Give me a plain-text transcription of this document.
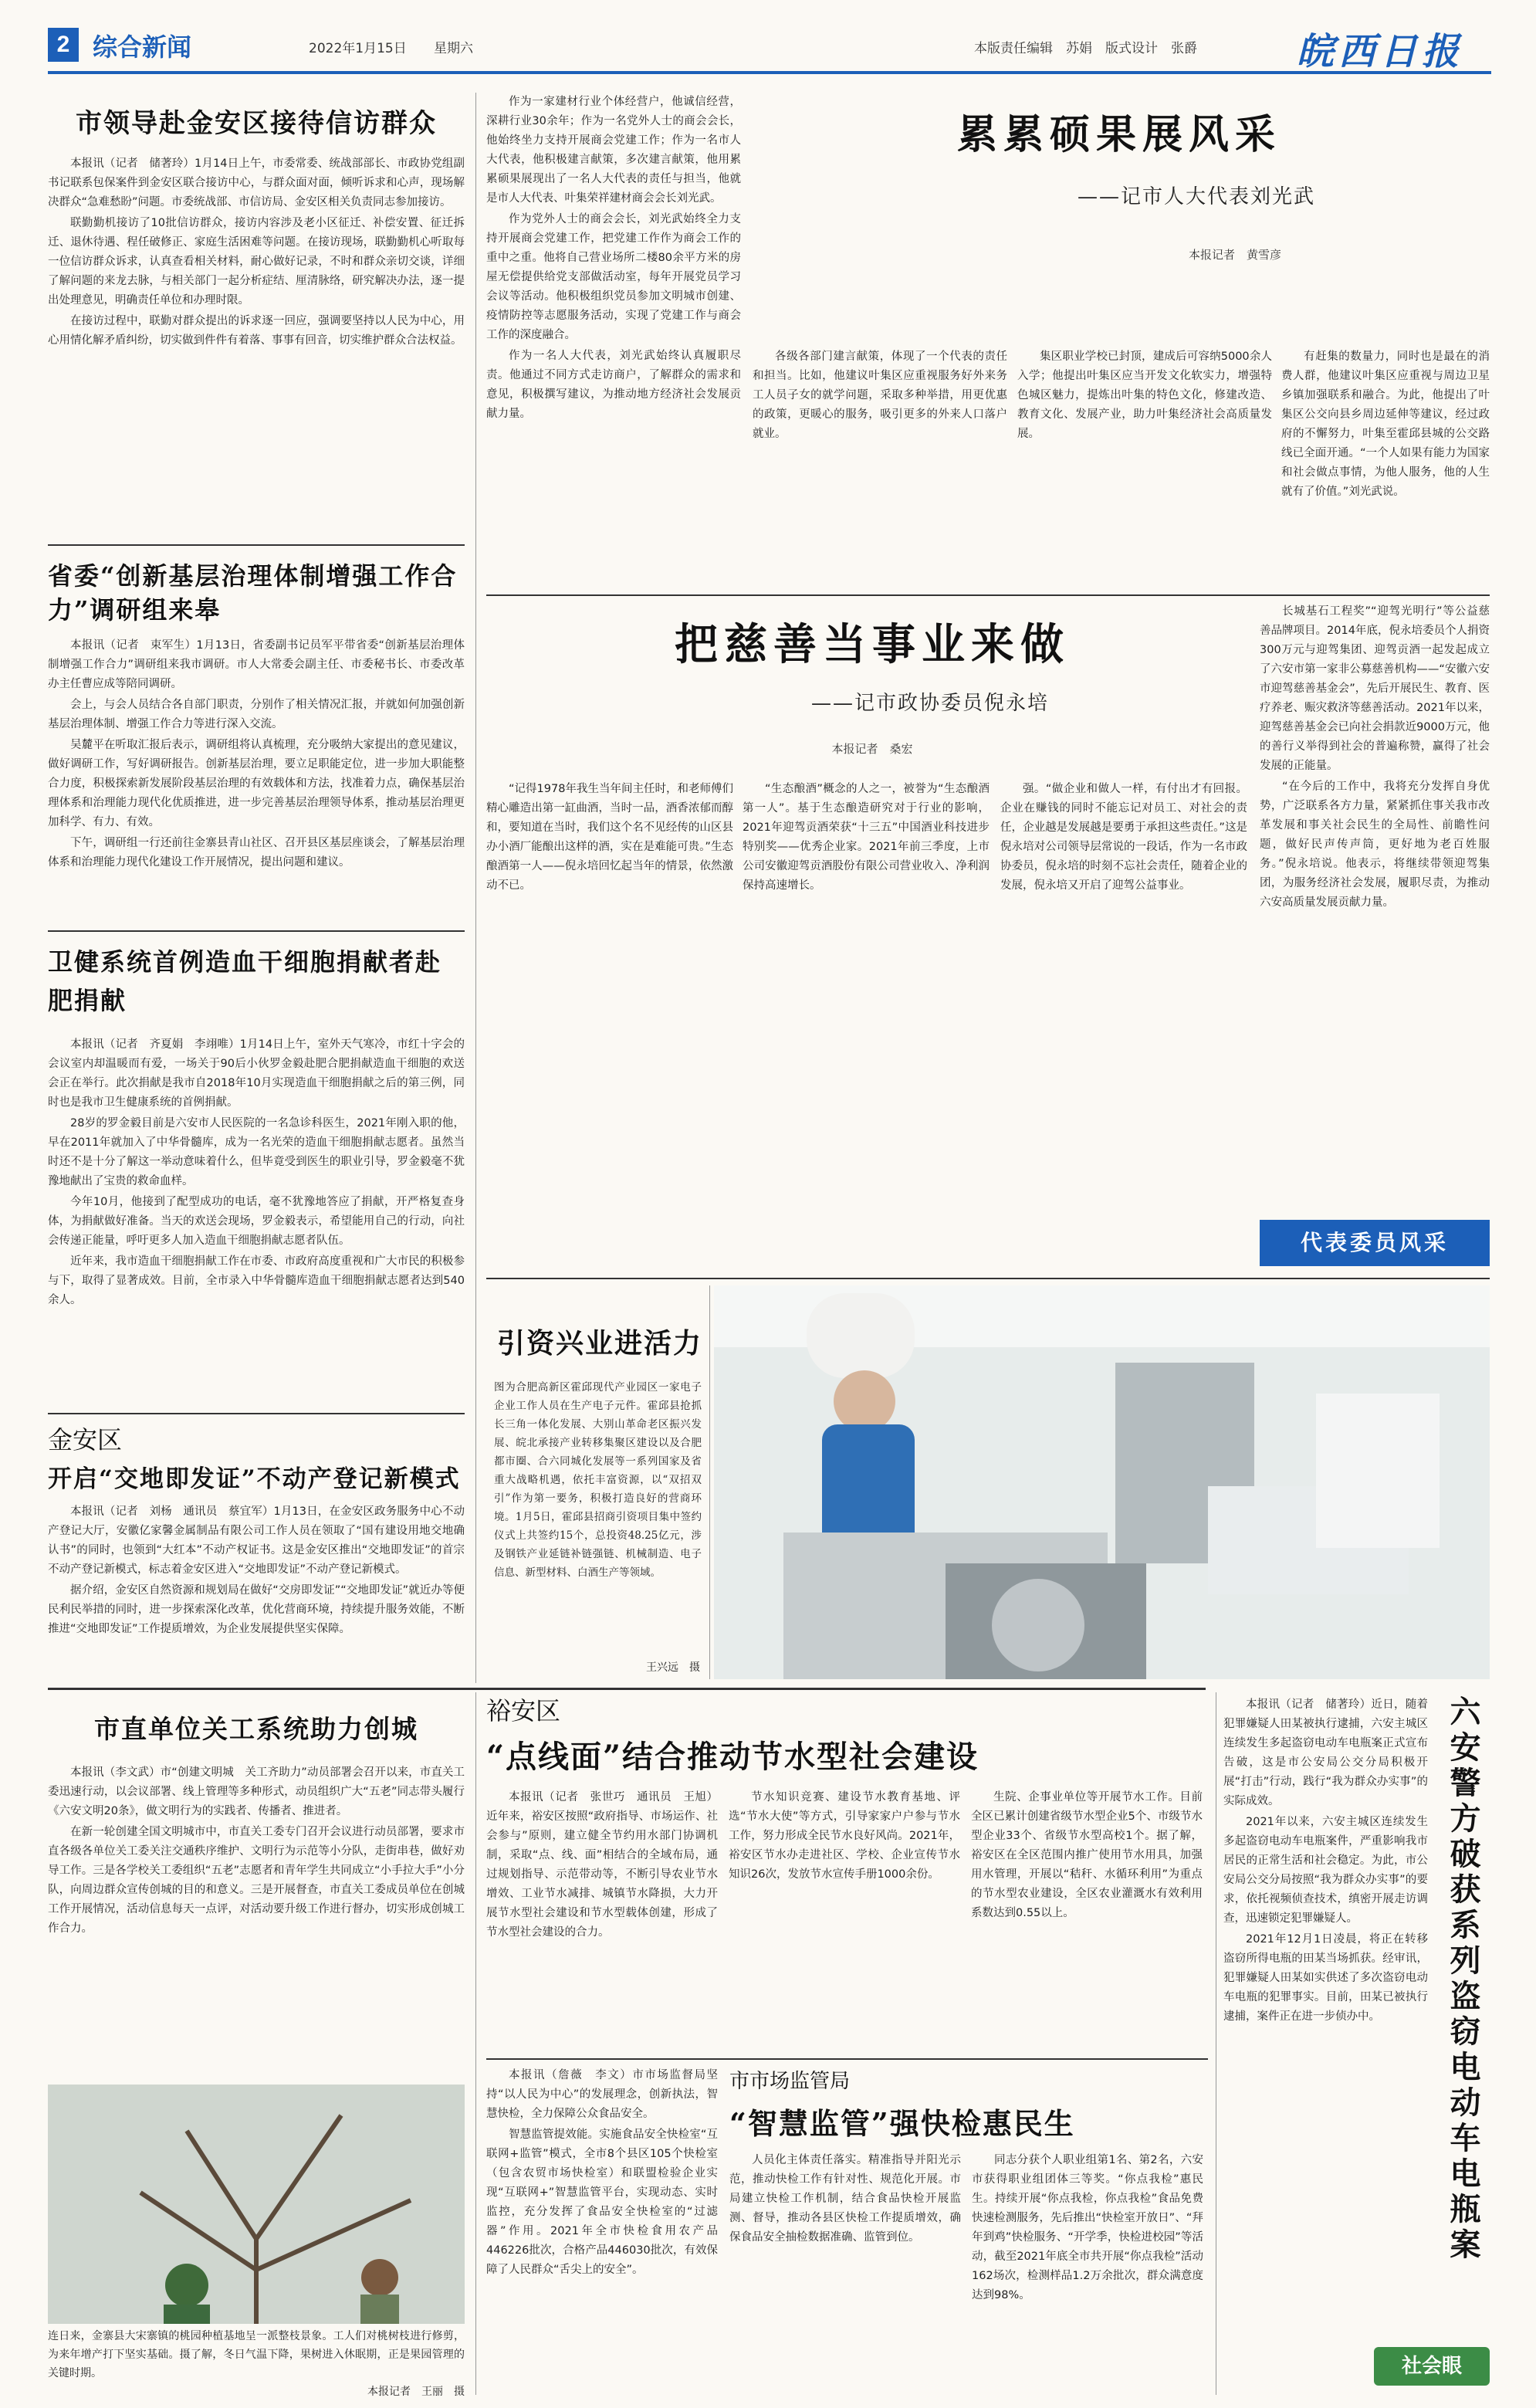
2 综合新闻	2022年1月15日 星期六	本版责任编辑　苏娟　版式设计　张爵	皖西日报
市领导赴金安区接待信访群众

本报讯（记者　储著玲）1月14日上午，市委常委、统战部部长、市政协党组副书记联系包保案件到金安区联合接访中心，与群众面对面，倾听诉求和心声，现场解决群众“急难愁盼”问题。市委统战部、市信访局、金安区相关负责同志参加接访。

联勤勤机接访了10批信访群众，接访内容涉及老小区征迁、补偿安置、征迁拆迁、退休待遇、程任破修正、家庭生活困难等问题。在接访现场，联勤勤机心听取每一位信访群众诉求，认真查看相关材料，耐心做好记录，不时和群众亲切交谈，详细了解问题的来龙去脉，与相关部门一起分析症结、厘清脉络，研究解决办法，逐一提出处理意见，明确责任单位和办理时限。

在接访过程中，联勤对群众提出的诉求逐一回应，强调要坚持以人民为中心，用心用情化解矛盾纠纷，切实做到件件有着落、事事有回音，切实维护群众合法权益。

省委“创新基层治理体制增强工作合力”调研组来皋

本报讯（记者　束军生）1月13日，省委副书记员军平带省委“创新基层治理体制增强工作合力”调研组来我市调研。市人大常委会副主任、市委秘书长、市委改革办主任曹应成等陪同调研。

会上，与会人员结合各自部门职责，分别作了相关情况汇报，并就如何加强创新基层治理体制、增强工作合力等进行深入交流。

吴麓平在听取汇报后表示，调研组将认真梳理，充分吸纳大家提出的意见建议，做好调研工作，写好调研报告。创新基层治理，要立足职能定位，进一步加大职能整合力度，积极探索新发展阶段基层治理的有效载体和方法，找准着力点，确保基层治理体系和治理能力现代化优质推进，进一步完善基层治理领导体系，推动基层治理更加科学、有力、有效。

下午，调研组一行还前往金寨县青山社区、召开县区基层座谈会，了解基层治理体系和治理能力现代化建设工作开展情况，提出问题和建议。

卫健系统首例造血干细胞捐献者赴肥捐献

本报讯（记者　齐夏娟　李翊唯）1月14日上午，室外天气寒冷，市红十字会的会议室内却温暖而有爱，一场关于90后小伙罗金毅赴肥合肥捐献造血干细胞的欢送会正在举行。此次捐献是我市自2018年10月实现造血干细胞捐献之后的第三例，同时也是我市卫生健康系统的首例捐献。

28岁的罗金毅目前是六安市人民医院的一名急诊科医生，2021年刚入职的他，早在2011年就加入了中华骨髓库，成为一名光荣的造血干细胞捐献志愿者。虽然当时还不是十分了解这一举动意味着什么，但毕竟受到医生的职业引导，罗金毅毫不犹豫地献出了宝贵的救命血样。

今年10月，他接到了配型成功的电话，毫不犹豫地答应了捐献，开严格复查身体，为捐献做好准备。当天的欢送会现场，罗金毅表示，希望能用自己的行动，向社会传递正能量，呼吁更多人加入造血干细胞捐献志愿者队伍。

近年来，我市造血干细胞捐献工作在市委、市政府高度重视和广大市民的积极参与下，取得了显著成效。目前，全市录入中华骨髓库造血干细胞捐献志愿者达到540余人。

金安区
开启“交地即发证”不动产登记新模式

本报讯（记者　刘杨　通讯员　蔡宜军）1月13日，在金安区政务服务中心不动产登记大厅，安徽亿家馨金属制品有限公司工作人员在领取了“国有建设用地交地确认书”的同时，也领到“大红本”不动产权证书。这是金安区推出“交地即发证”的首宗不动产登记新模式，标志着金安区进入“交地即发证”不动产登记新模式。

据介绍，金安区自然资源和规划局在做好“交房即发证”“交地即发证”就近办等便民利民举措的同时，进一步探索深化改革，优化营商环境，持续提升服务效能，不断推进“交地即发证”工作提质增效，为企业发展提供坚实保障。

市直单位关工系统助力创城

本报讯（李文武）市“创建文明城　关工齐助力”动员部署会召开以来，市直关工委迅速行动，以会议部署、线上管理等多种形式，动员组织广大“五老”同志带头履行《六安文明20条》，做文明行为的实践者、传播者、推进者。

在新一轮创建全国文明城市中，市直关工委专门召开会议进行动员部署，要求市直各级各单位关工委关注交通秩序维护、文明行为示范等小分队，走街串巷，做好劝导工作。三是各学校关工委组织“五老”志愿者和青年学生共同成立“小手拉大手”小分队，向周边群众宣传创城的目的和意义。三是开展督查，市直关工委成员单位在创城工作开展情况，活动信息每天一点评，对活动要升级工作进行督办，切实形成创城工作合力。

连日来，金寨县大宋寨镇的桃园种植基地呈一派整枝景象。工人们对桃树枝进行修剪，为来年增产打下坚实基础。摄了解，冬日气温下降，果树进入休眠期，正是果园管理的关键时期。
本报记者　王丽　摄

作为一家建材行业个体经营户，他诚信经营，深耕行业30余年；作为一名党外人士的商会会长，他始终坐力支持开展商会党建工作；作为一名市人大代表，他积极建言献策，多次建言献策，他用累累硕果展现出了一名人大代表的责任与担当，他就是市人大代表、叶集荣祥建材商会会长刘光武。

作为党外人士的商会会长，刘光武始终全力支持开展商会党建工作，把党建工作作为商会工作的重中之重。他将自己营业场所二楼80余平方米的房屋无偿提供给党支部做活动室，每年开展党员学习会议等活动。他积极组织党员参加文明城市创建、疫情防控等志愿服务活动，实现了党建工作与商会工作的深度融合。

作为一名人大代表，刘光武始终认真履职尽责。他通过不同方式走访商户，了解群众的需求和意见，积极撰写建议，为推动地方经济社会发展贡献力量。

累累硕果展风采
——记市人大代表刘光武
本报记者　黄雪彦

各级各部门建言献策，体现了一个代表的责任和担当。比如，他建议叶集区应重视服务好外来务工人员子女的就学问题，采取多种举措，用更优惠的政策，更暖心的服务，吸引更多的外来人口落户就业。

集区职业学校已封顶，建成后可容纳5000余人入学；他提出叶集区应当开发文化软实力，增强特色城区魅力，提炼出叶集的特色文化，修建改造、教育文化、发展产业，助力叶集经济社会高质量发展。

有赶集的数量力，同时也是最在的消费人群，他建议叶集区应重视与周边卫星乡镇加强联系和融合。为此，他提出了叶集区公交向县乡周边延伸等建议，经过政府的不懈努力，叶集至霍邱县城的公交路线已全面开通。“一个人如果有能力为国家和社会做点事情，为他人服务，他的人生就有了价值。”刘光武说。

把慈善当事业来做
——记市政协委员倪永培
本报记者　桑宏

“记得1978年我生当年间主任时，和老师傅们精心雕造出第一缸曲酒，当时一品，酒香浓郁而醇和，要知道在当时，我们这个名不见经传的山区县办小酒厂能酿出这样的酒，实在是难能可贵。”生态酿酒第一人——倪永培回忆起当年的情景，依然激动不已。

“生态酿酒”概念的人之一，被誉为“生态酿酒第一人”。基于生态酿造研究对于行业的影响，2021年迎驾贡酒荣获“十三五”中国酒业科技进步特别奖——优秀企业家。2021年前三季度，上市公司安徽迎驾贡酒股份有限公司营业收入、净利润保持高速增长。

强。“做企业和做人一样，有付出才有回报。企业在赚钱的同时不能忘记对员工、对社会的责任，企业越是发展越是要勇于承担这些责任。”这是倪永培对公司领导层常说的一段话，作为一名市政协委员，倪永培的时刻不忘社会责任，随着企业的发展，倪永培又开启了迎驾公益事业。

长城基石工程奖”“迎驾光明行”等公益慈善品牌项目。2014年底，倪永培委员个人捐资300万元与迎驾集团、迎驾贡酒一起发起成立了六安市第一家非公募慈善机构——“安徽六安市迎驾慈善基金会”，先后开展民生、教育、医疗养老、赈灾救济等慈善活动。2021年以来，迎驾慈善基金会已向社会捐款近9000万元，他的善行义举得到社会的普遍称赞，赢得了社会发展的正能量。

“在今后的工作中，我将充分发挥自身优势，广泛联系各方力量，紧紧抓住事关我市改革发展和事关社会民生的全局性、前瞻性问题，做好民声传声筒，更好地为老百姓服务。”倪永培说。他表示，将继续带领迎驾集团，为服务经济社会发展，履职尽责，为推动六安高质量发展贡献力量。

代表委员风采
引资兴业进活力
图为合肥高新区霍邱现代产业园区一家电子企业工作人员在生产电子元件。霍邱县抢抓长三角一体化发展、大别山革命老区振兴发展、皖北承接产业转移集聚区建设以及合肥都市圈、合六同城化发展等一系列国家及省重大战略机遇，依托丰富资源，以“双招双引”作为第一要务，积极打造良好的营商环境。1月5日，霍邱县招商引资项目集中签约仪式上共签约15个，总投资48.25亿元，涉及钢铁产业延链补链强链、机械制造、电子信息、新型材料、白酒生产等领域。
王兴远　摄
裕安区
“点线面”结合推动节水型社会建设

本报讯（记者　张世巧　通讯员　王旭）近年来，裕安区按照“政府指导、市场运作、社会参与”原则，建立健全节约用水部门协调机制，采取“点、线、面”相结合的全域布局，通过规划指导、示范带动等，不断引导农业节水增效、工业节水减排、城镇节水降损，大力开展节水型社会建设和节水型载体创建，形成了节水型社会建设的合力。

节水知识竞赛、建设节水教育基地、评选“节水大使”等方式，引导家家户户参与节水工作，努力形成全民节水良好风尚。2021年，裕安区节水办走进社区、学校、企业宣传节水知识26次，发放节水宣传手册1000余份。

生院、企事业单位等开展节水工作。目前全区已累计创建省级节水型企业5个、市级节水型企业33个、省级节水型高校1个。据了解，裕安区在全区范围内推广使用节水用具，加强用水管理，开展以“秸秆、水循环利用”为重点的节水型农业建设，全区农业灌溉水有效利用系数达到0.55以上。

本报讯（詹薇　李文）市市场监督局坚持“以人民为中心”的发展理念，创新执法，智慧快检，全力保障公众食品安全。

智慧监管提效能。实施食品安全快检室“互联网+监管”模式，全市8个县区105个快检室（包含农贸市场快检室）和联盟检验企业实现“互联网+”智慧监管平台，实现动态、实时监控，充分发挥了食品安全快检室的“过滤器”作用。2021年全市快检食用农产品446226批次，合格产品446030批次，有效保障了人民群众“舌尖上的安全”。

市市场监管局
“智慧监管”强快检惠民生

人员化主体责任落实。精准指导并阳光示范，推动快检工作有针对性、规范化开展。市局建立快检工作机制，结合食品快检开展监测、督导，推动各县区快检工作提质增效，确保食品安全抽检数据准确、监管到位。

同志分获个人职业组第1名、第2名，六安市获得职业组团体三等奖。“你点我检”惠民生。持续开展“你点我检，你点我检”食品免费快速检测服务，先后推出“快检室开放日”、“拜年到鸡”快检服务、“开学季，快检进校园”等活动，截至2021年底全市共开展“你点我检”活动162场次，检测样品1.2万余批次，群众满意度达到98%。

本报讯（记者　储著玲）近日，随着犯罪嫌疑人田某被执行逮捕，六安主城区连续发生多起盗窃电动车电瓶案正式宣布告破，这是市公安局公交分局积极开展“打击”行动，践行“我为群众办实事”的实际成效。

2021年以来，六安主城区连续发生多起盗窃电动车电瓶案件，严重影响我市居民的正常生活和社会稳定。为此，市公安局公交分局按照“我为群众办实事”的要求，依托视频侦查技术，缜密开展走访调查，迅速锁定犯罪嫌疑人。

2021年12月1日凌晨，将正在转移盗窃所得电瓶的田某当场抓获。经审讯，犯罪嫌疑人田某如实供述了多次盗窃电动车电瓶的犯罪事实。目前，田某已被执行逮捕，案件正在进一步侦办中。	六安警方破获系列盗窃电动车电瓶案
社会眼
